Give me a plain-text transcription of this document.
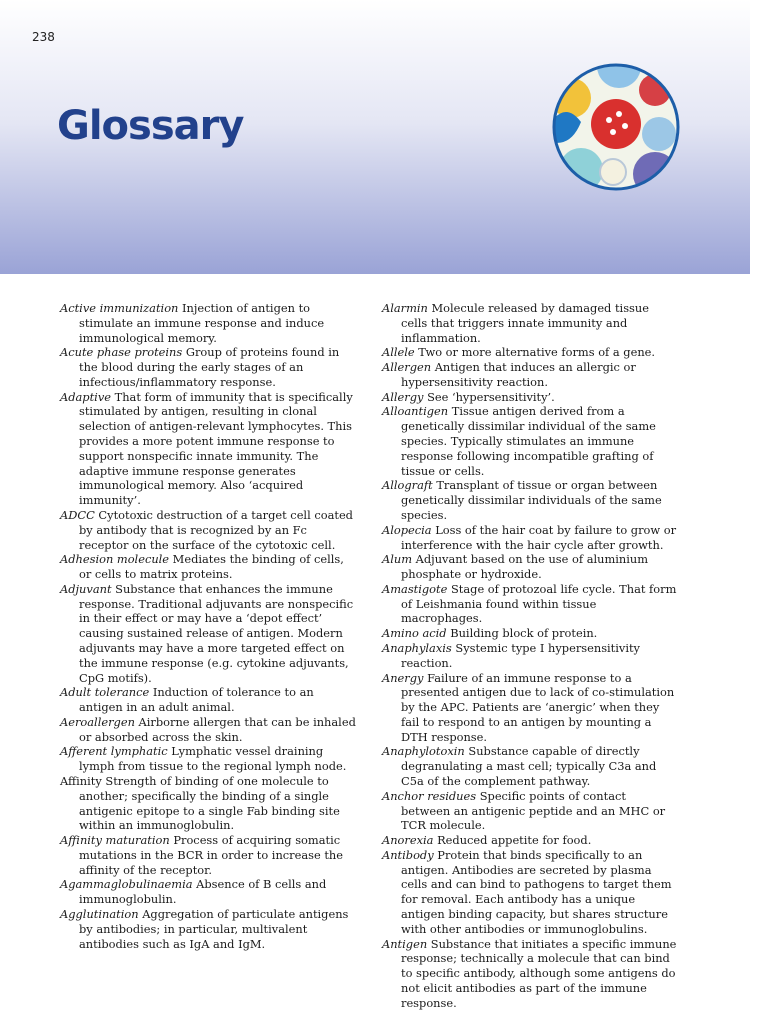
238
Glossary

Active immunization Injection of antigen to stimulate an immune response and induce immunological memory.

Acute phase proteins Group of proteins found in the blood during the early stages of an infectious/inflammatory response.

Adaptive That form of immunity that is specifically stimulated by antigen, resulting in clonal selection of antigen-relevant lymphocytes. This provides a more potent immune response to support nonspecific innate immunity. The adaptive immune response generates immunological memory. Also ‘acquired immunity’.

ADCC Cytotoxic destruction of a target cell coated by antibody that is recognized by an Fc receptor on the surface of the cytotoxic cell.

Adhesion molecule Mediates the binding of cells, or cells to matrix proteins.

Adjuvant Substance that enhances the immune response. Traditional adjuvants are nonspecific in their effect or may have a ‘depot effect’ causing sustained release of antigen. Modern adjuvants may have a more targeted effect on the immune response (e.g. cytokine adjuvants, CpG motifs).

Adult tolerance Induction of tolerance to an antigen in an adult animal.

Aeroallergen Airborne allergen that can be inhaled or absorbed across the skin.

Afferent lymphatic Lymphatic vessel draining lymph from tissue to the regional lymph node.

Affinity Strength of binding of one molecule to another; specifically the binding of a single antigenic epitope to a single Fab binding site within an immunoglobulin.

Affinity maturation Process of acquiring somatic mutations in the BCR in order to increase the affinity of the receptor.

Agammaglobulinaemia Absence of B cells and immunoglobulin.

Agglutination Aggregation of particulate antigens by antibodies; in particular, multivalent antibodies such as IgA and IgM.

Alarmin Molecule released by damaged tissue cells that triggers innate immunity and inflammation.

Allele Two or more alternative forms of a gene.

Allergen Antigen that induces an allergic or hypersensitivity reaction.

Allergy See ‘hypersensitivity’.

Alloantigen Tissue antigen derived from a genetically dissimilar individual of the same species. Typically stimulates an immune response following incompatible grafting of tissue or cells.

Allograft Transplant of tissue or organ between genetically dissimilar individuals of the same species.

Alopecia Loss of the hair coat by failure to grow or interference with the hair cycle after growth.

Alum Adjuvant based on the use of aluminium phosphate or hydroxide.

Amastigote Stage of protozoal life cycle. That form of Leishmania found within tissue macrophages.

Amino acid Building block of protein.

Anaphylaxis Systemic type I hypersensitivity reaction.

Anergy Failure of an immune response to a presented antigen due to lack of co-stimulation by the APC. Patients are ‘anergic’ when they fail to respond to an antigen by mounting a DTH response.

Anaphylotoxin Substance capable of directly degranulating a mast cell; typically C3a and C5a of the complement pathway.

Anchor residues Specific points of contact between an antigenic peptide and an MHC or TCR molecule.

Anorexia Reduced appetite for food.

Antibody Protein that binds specifically to an antigen. Antibodies are secreted by plasma cells and can bind to pathogens to target them for removal. Each antibody has a unique antigen binding capacity, but shares structure with other antibodies or immunoglobulins.

Antigen Substance that initiates a specific immune response; technically a molecule that can bind to specific antibody, although some antigens do not elicit antibodies as part of the immune response.
